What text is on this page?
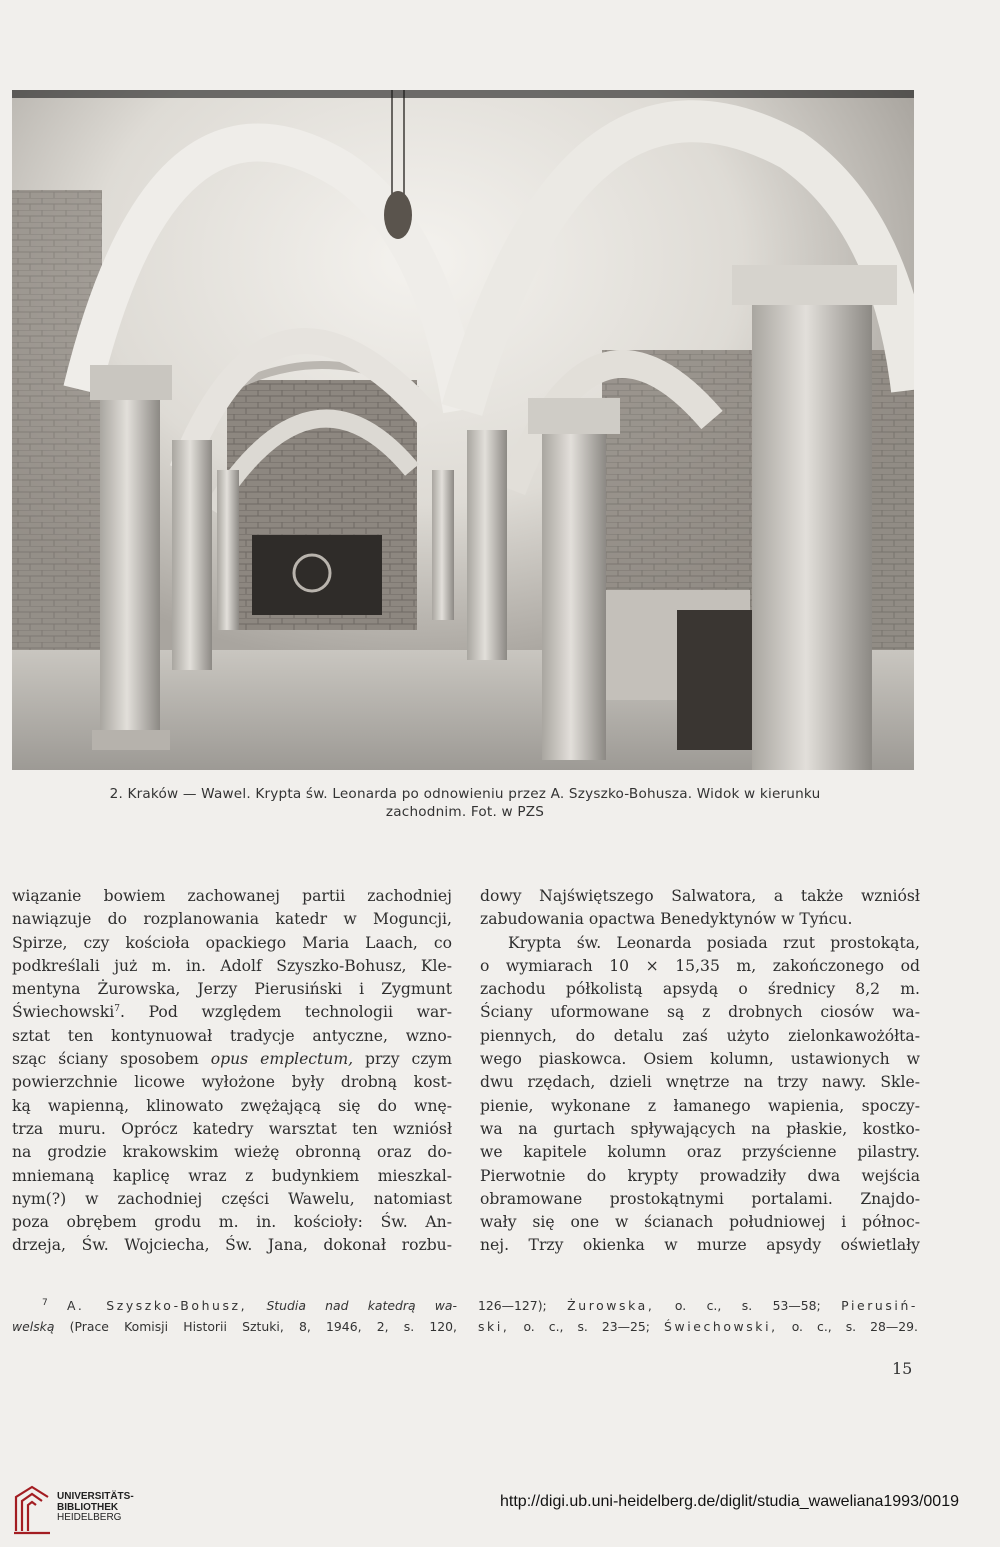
2. Kraków — Wawel. Krypta św. Leonarda po odnowieniu przez A. Szyszko-Bohusza. Widok w kierunku
zachodnim. Fot. w PZS
wiązanie bowiem zachowanej partii zachodniej
nawiązuje do rozplanowania katedr w Moguncji,
Spirze, czy kościoła opackiego Maria Laach, co
podkreślali już m. in. Adolf Szyszko-Bohusz, Kle-
mentyna Żurowska, Jerzy Pierusiński i Zygmunt
Świechowski$^7$. Pod względem technologii war-
sztat ten kontynuował tradycje antyczne, wzno-
sząc ściany sposobem opus emplectum, przy czym
powierzchnie licowe wyłożone były drobną kost-
ką wapienną, klinowato zwężającą się do wnę-
trza muru. Oprócz katedry warsztat ten wzniósł
na grodzie krakowskim wieżę obronną oraz do-
mniemaną kaplicę wraz z budynkiem mieszkal-
nym(?) w zachodniej części Wawelu, natomiast
poza obrębem grodu m. in. kościoły: Św. An-
drzeja, Św. Wojciecha, Św. Jana, dokonał rozbu-
dowy Najświętszego Salwatora, a także wzniósł
zabudowania opactwa Benedyktynów w Tyńcu.
Krypta św. Leonarda posiada rzut prostokąta,
o wymiarach 10 × 15,35 m, zakończonego od
zachodu półkolistą apsydą o średnicy 8,2 m.
Ściany uformowane są z drobnych ciosów wa-
piennych, do detalu zaś użyto zielonkawożółta-
wego piaskowca. Osiem kolumn, ustawionych w
dwu rzędach, dzieli wnętrze na trzy nawy. Skle-
pienie, wykonane z łamanego wapienia, spoczy-
wa na gurtach spływających na płaskie, kostko-
we kapitele kolumn oraz przyścienne pilastry.
Pierwotnie do krypty prowadziły dwa wejścia
obramowane prostokątnymi portalami. Znajdo-
wały się one w ścianach południowej i północ-
nej. Trzy okienka w murze apsydy oświetlały
$^7$ A. Szyszko-Bohusz, Studia nad katedrą wa-
welską (Prace Komisji Historii Sztuki, 8, 1946, 2, s. 120,
126—127); Żurowska, o. c., s. 53—58; Pierusiń-
ski, o. c., s. 23—25; Świechowski, o. c., s. 28—29.
15
UNIVERSITÄTS-
BIBLIOTHEK
HEIDELBERG
http://digi.ub.uni-heidelberg.de/diglit/studia_waweliana1993/0019
